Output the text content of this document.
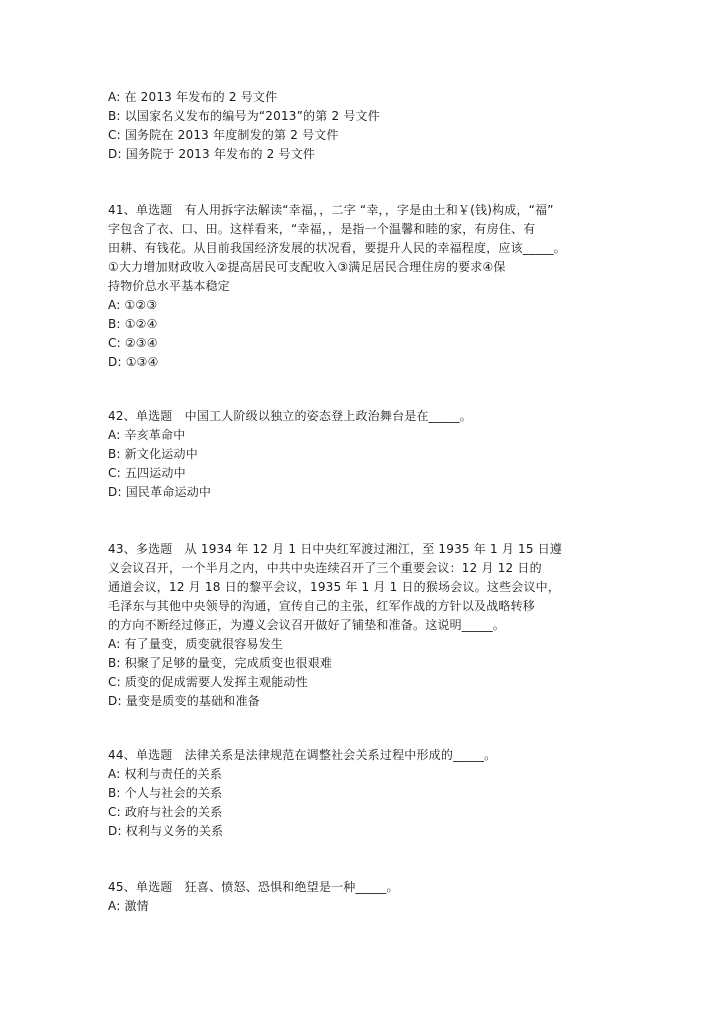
A: 在 2013 年发布的 2 号文件
B: 以国家名义发布的编号为“2013”的第 2 号文件
C: 国务院在 2013 年度制发的第 2 号文件
D: 国务院于 2013 年发布的 2 号文件
41、单选题　有人用拆字法解读“幸福，，二字 “幸，，字是由土和￥(钱)构成，“福”
字包含了衣、口、田。这样看来，“幸福，，是指一个温馨和睦的家，有房住、有
田耕、有钱花。从目前我国经济发展的状况看，要提升人民的幸福程度，应该_____。
①大力增加财政收入②提高居民可支配收入③满足居民合理住房的要求④保
持物价总水平基本稳定
A: ①②③
B: ①②④
C: ②③④
D: ①③④
42、单选题　中国工人阶级以独立的姿态登上政治舞台是在_____。
A: 辛亥革命中
B: 新文化运动中
C: 五四运动中
D: 国民革命运动中
43、多选题　从 1934 年 12 月 1 日中央红军渡过湘江，至 1935 年 1 月 15 日遵
义会议召开，一个半月之内，中共中央连续召开了三个重要会议：12 月 12 日的
通道会议，12 月 18 日的黎平会议，1935 年 1 月 1 日的猴场会议。这些会议中，
毛泽东与其他中央领导的沟通，宣传自己的主张，红军作战的方针以及战略转移
的方向不断经过修正，为遵义会议召开做好了铺垫和准备。这说明_____。
A: 有了量变，质变就很容易发生
B: 积聚了足够的量变，完成质变也很艰难
C: 质变的促成需要人发挥主观能动性
D: 量变是质变的基础和准备
44、单选题　法律关系是法律规范在调整社会关系过程中形成的_____。
A: 权利与责任的关系
B: 个人与社会的关系
C: 政府与社会的关系
D: 权利与义务的关系
45、单选题　狂喜、愤怒、恐惧和绝望是一种_____。
A: 激情
